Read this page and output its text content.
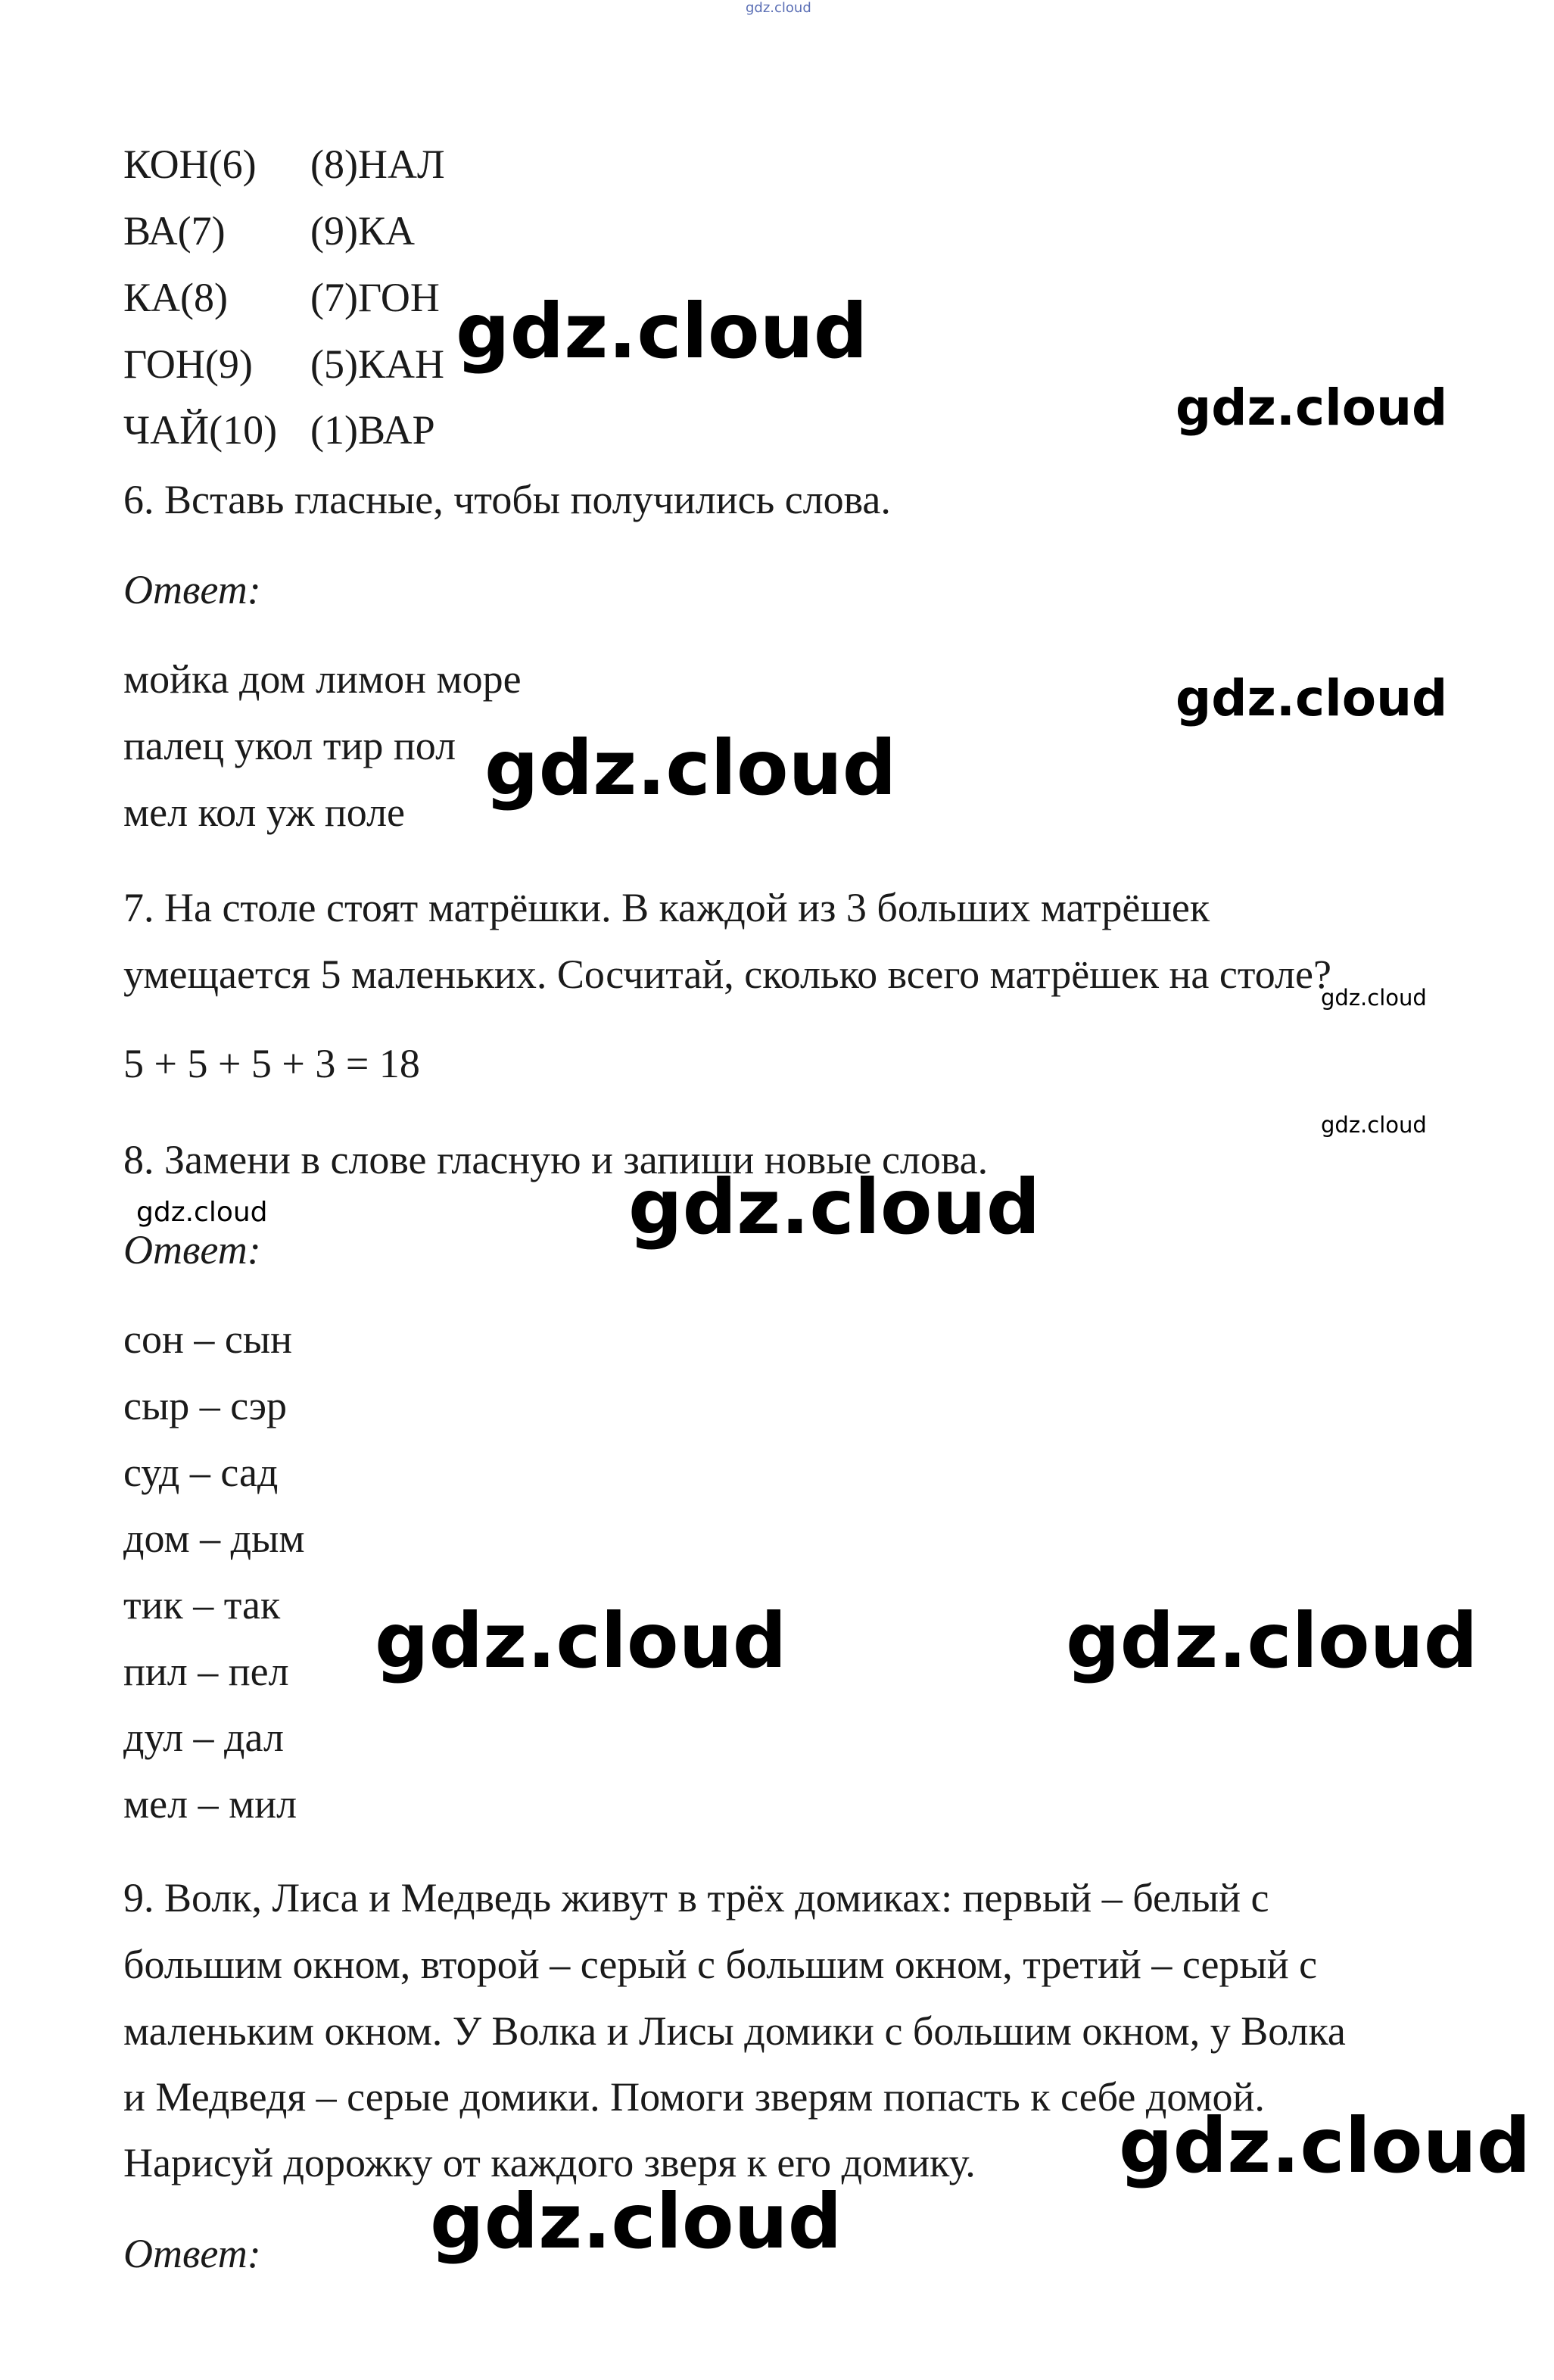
gdz.cloud
КОН(6) (8)НАЛ
ВА(7) (9)КА
КА(8) (7)ГОН
ГОН(9) (5)КАН
ЧАЙ(10) (1)ВАР
6. Вставь гласные, чтобы получились слова.
Ответ:
мойка дом лимон море
палец укол тир пол
мел кол уж поле
7. На столе стоят матрёшки. В каждой из 3 больших матрёшек
умещается 5 маленьких. Сосчитай, сколько всего матрёшек на столе?
5 + 5 + 5 + 3 = 18
8. Замени в слове гласную и запиши новые слова.
Ответ:
сон – сын
сыр – сэр
суд – сад
дом – дым
тик – так
пил – пел
дул – дал
мел – мил
9. Волк, Лиса и Медведь живут в трёх домиках: первый – белый с
большим окном, второй – серый с большим окном, третий – серый с
маленьким окном. У Волка и Лисы домики с большим окном, у Волка
и Медведя – серые домики. Помоги зверям попасть к себе домой.
Нарисуй дорожку от каждого зверя к его домику.
Ответ:
gdz.cloud
gdz.cloud
gdz.cloud
gdz.cloud
gdz.cloud
gdz.cloud
gdz.cloud	gdz.cloud
gdz.cloud	gdz.cloud
gdz.cloud
gdz.cloud
